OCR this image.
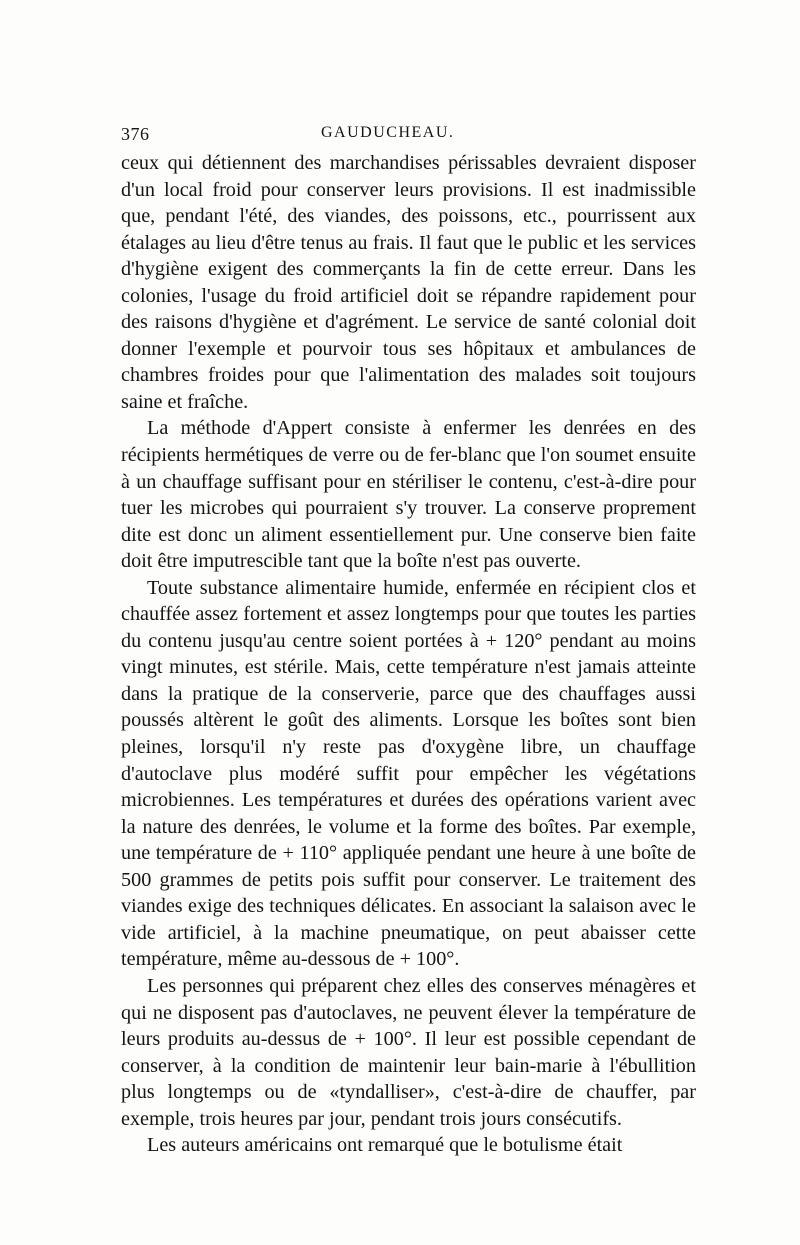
376	GAUDUCHEAU.

ceux qui détiennent des marchandises périssables devraient disposer d'un local froid pour conserver leurs provisions. Il est inadmissible que, pendant l'été, des viandes, des poissons, etc., pourrissent aux étalages au lieu d'être tenus au frais. Il faut que le public et les services d'hygiène exigent des commerçants la fin de cette erreur. Dans les colonies, l'usage du froid artificiel doit se répandre rapidement pour des raisons d'hygiène et d'agrément. Le service de santé colonial doit donner l'exemple et pourvoir tous ses hôpitaux et ambulances de chambres froides pour que l'alimentation des malades soit toujours saine et fraîche.

La méthode d'Appert consiste à enfermer les denrées en des récipients hermétiques de verre ou de fer-blanc que l'on soumet ensuite à un chauffage suffisant pour en stériliser le contenu, c'est-à-dire pour tuer les microbes qui pourraient s'y trouver. La conserve proprement dite est donc un aliment essentiellement pur. Une conserve bien faite doit être imputrescible tant que la boîte n'est pas ouverte.

Toute substance alimentaire humide, enfermée en récipient clos et chauffée assez fortement et assez longtemps pour que toutes les parties du contenu jusqu'au centre soient portées à + 120° pendant au moins vingt minutes, est stérile. Mais, cette température n'est jamais atteinte dans la pratique de la conserverie, parce que des chauffages aussi poussés altèrent le goût des aliments. Lorsque les boîtes sont bien pleines, lorsqu'il n'y reste pas d'oxygène libre, un chauffage d'autoclave plus modéré suffit pour empêcher les végétations microbiennes. Les températures et durées des opérations varient avec la nature des denrées, le volume et la forme des boîtes. Par exemple, une température de + 110° appliquée pendant une heure à une boîte de 500 grammes de petits pois suffit pour conserver. Le traitement des viandes exige des techniques délicates. En associant la salaison avec le vide artificiel, à la machine pneumatique, on peut abaisser cette température, même au-dessous de + 100°.

Les personnes qui préparent chez elles des conserves ménagères et qui ne disposent pas d'autoclaves, ne peuvent élever la température de leurs produits au-dessus de + 100°. Il leur est possible cependant de conserver, à la condition de maintenir leur bain-marie à l'ébullition plus longtemps ou de «tyndalliser», c'est-à-dire de chauffer, par exemple, trois heures par jour, pendant trois jours consécutifs.

Les auteurs américains ont remarqué que le botulisme était
